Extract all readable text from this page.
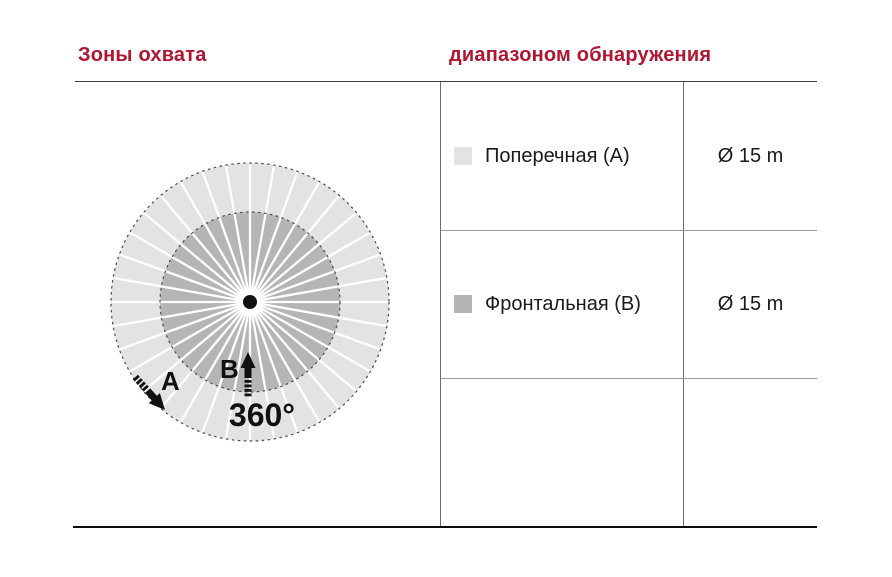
Зоны охвата	диапазоном обнаружения
A B
360°
Поперечная (A)	Ø 15 m
Фронтальная (B)	Ø 15 m
